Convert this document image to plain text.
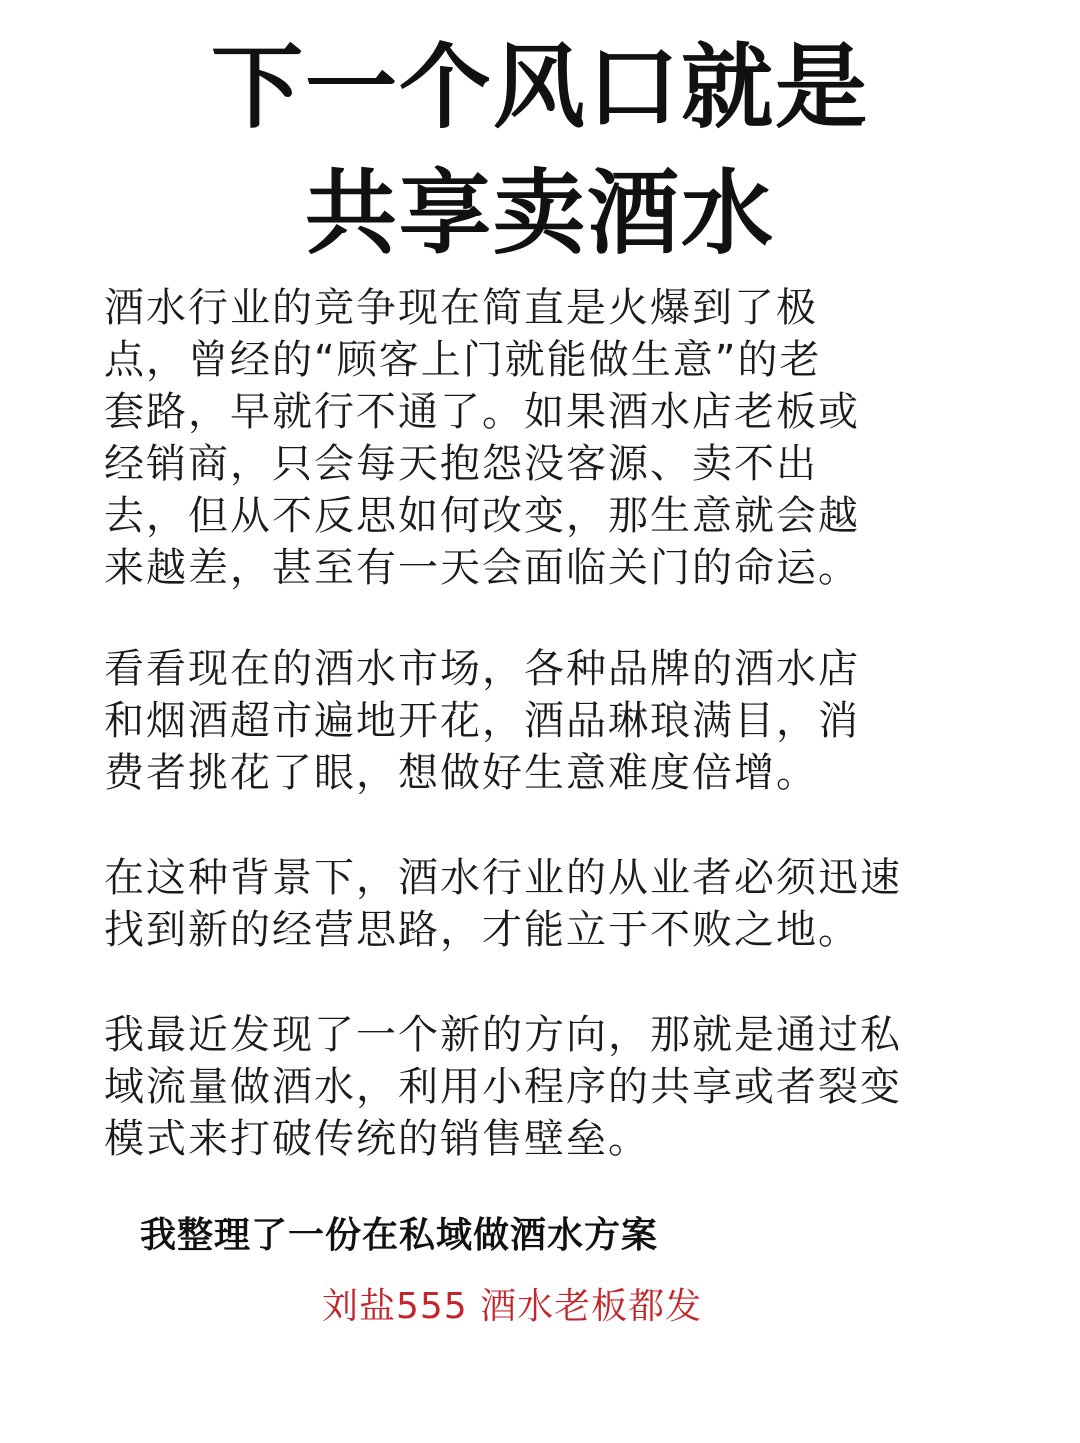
下一个风口就是
共享卖酒水

酒水行业的竞争现在简直是火爆到了极
点，曾经的“顾客上门就能做生意”的老
套路，早就行不通了。如果酒水店老板或
经销商，只会每天抱怨没客源、卖不出
去，但从不反思如何改变，那生意就会越
来越差，甚至有一天会面临关门的命运。

看看现在的酒水市场，各种品牌的酒水店
和烟酒超市遍地开花，酒品琳琅满目，消
费者挑花了眼，想做好生意难度倍增。

在这种背景下，酒水行业的从业者必须迅速
找到新的经营思路，才能立于不败之地。

我最近发现了一个新的方向，那就是通过私
域流量做酒水，利用小程序的共享或者裂变
模式来打破传统的销售壁垒。

我整理了一份在私域做酒水方案
刘盐555 酒水老板都发
